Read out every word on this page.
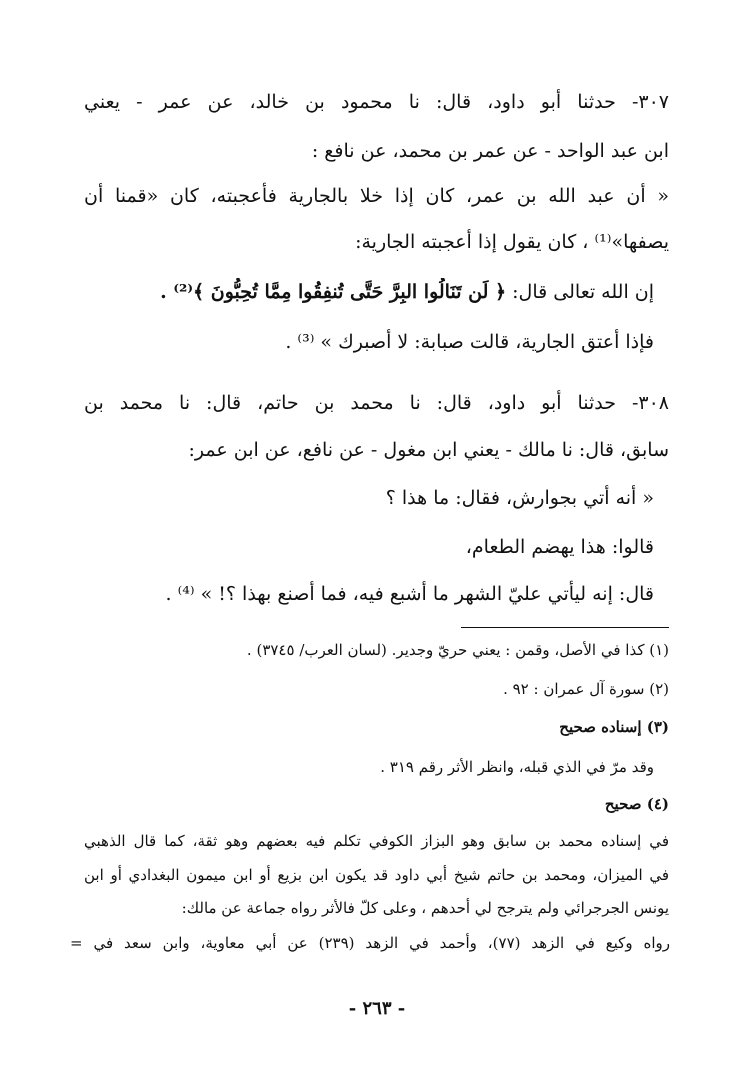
٣٠٧- حدثنا أبو داود، قال: نا محمود بن خالد، عن عمر - يعني
ابن عبد الواحد - عن عمر بن محمد، عن نافع :
« أن عبد الله بن عمر، كان إذا خلا بالجارية فأعجبته، كان «قمنا أن
يصفها»⁽¹⁾ ، كان يقول إذا أعجبته الجارية:
إن الله تعالى قال: ﴿ لَن تَنَالُوا البِرَّ حَتَّى تُنفِقُوا مِمَّا تُحِبُّونَ ﴾⁽²⁾ .
فإذا أعتق الجارية، قالت صبابة: لا أصبرك » ⁽³⁾ .
٣٠٨- حدثنا أبو داود، قال: نا محمد بن حاتم، قال: نا محمد بن
سابق، قال: نا مالك - يعني ابن مغول - عن نافع، عن ابن عمر:
« أنه أتي بجوارش، فقال: ما هذا ؟
قالوا: هذا يهضم الطعام،
قال: إنه ليأتي عليّ الشهر ما أشبع فيه، فما أصنع بهذا ؟! » ⁽⁴⁾ .
(١) كذا في الأصل، وقمن : يعني حريّ وجدير. (لسان العرب/ ٣٧٤٥) .
(٢) سورة آل عمران : ٩٢ .
(٣) إسناده صحيح
وقد مرّ في الذي قبله، وانظر الأثر رقم ٣١٩ .
(٤) صحيح
في إسناده محمد بن سابق وهو البزاز الكوفي تكلم فيه بعضهم وهو ثقة، كما قال الذهبي
في الميزان، ومحمد بن حاتم شيخ أبي داود قد يكون ابن بزيع أو ابن ميمون البغدادي أو ابن
يونس الجرجرائي ولم يترجح لي أحدهم ، وعلى كلّ فالأثر رواه جماعة عن مالك:
رواه وكيع في الزهد (٧٧)، وأحمد في الزهد (٢٣٩) عن أبي معاوية، وابن سعد في =
- ٢٦٣ -
